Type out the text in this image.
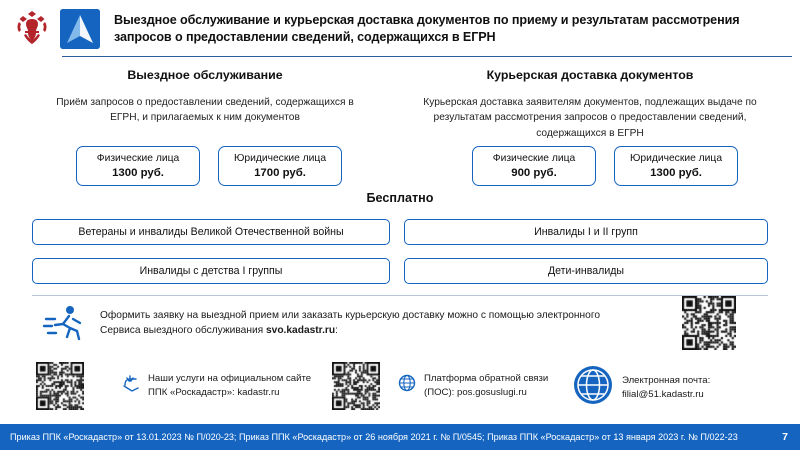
Выездное обслуживание и курьерская доставка документов по приему и результатам рассмотрения запросов о предоставлении сведений, содержащихся в ЕГРН
Выездное обслуживание
Приём запросов о предоставлении сведений, содержащихся в ЕГРН, и прилагаемых к ним документов
Физические лица
1300 руб.
Юридические лица
1700 руб.
Курьерская доставка документов
Курьерская доставка заявителям документов, подлежащих выдаче по результатам рассмотрения запросов о предоставлении сведений, содержащихся в ЕГРН
Физические лица
900 руб.
Юридические лица
1300 руб.
Бесплатно
Ветераны и инвалиды Великой Отечественной войны	Инвалиды I и II групп
Инвалиды с детства I группы	Дети-инвалиды
Оформить заявку на выездной прием или заказать курьерскую доставку можно с помощью электронного
Сервиса выездного обслуживания svo.kadastr.ru:
Наши услуги на официальном сайте
ППК «Роскадастр»: kadastr.ru
Платформа обратной связи
(ПОС): pos.gosuslugi.ru
Электронная почта:
filial@51.kadastr.ru
Приказ ППК «Роскадастр» от 13.01.2023 № П/020-23; Приказ ППК «Роскадастр» от 26 ноября 2021 г. № П/0545; Приказ ППК «Роскадастр» от 13 января 2023 г. № П/022-23	7
